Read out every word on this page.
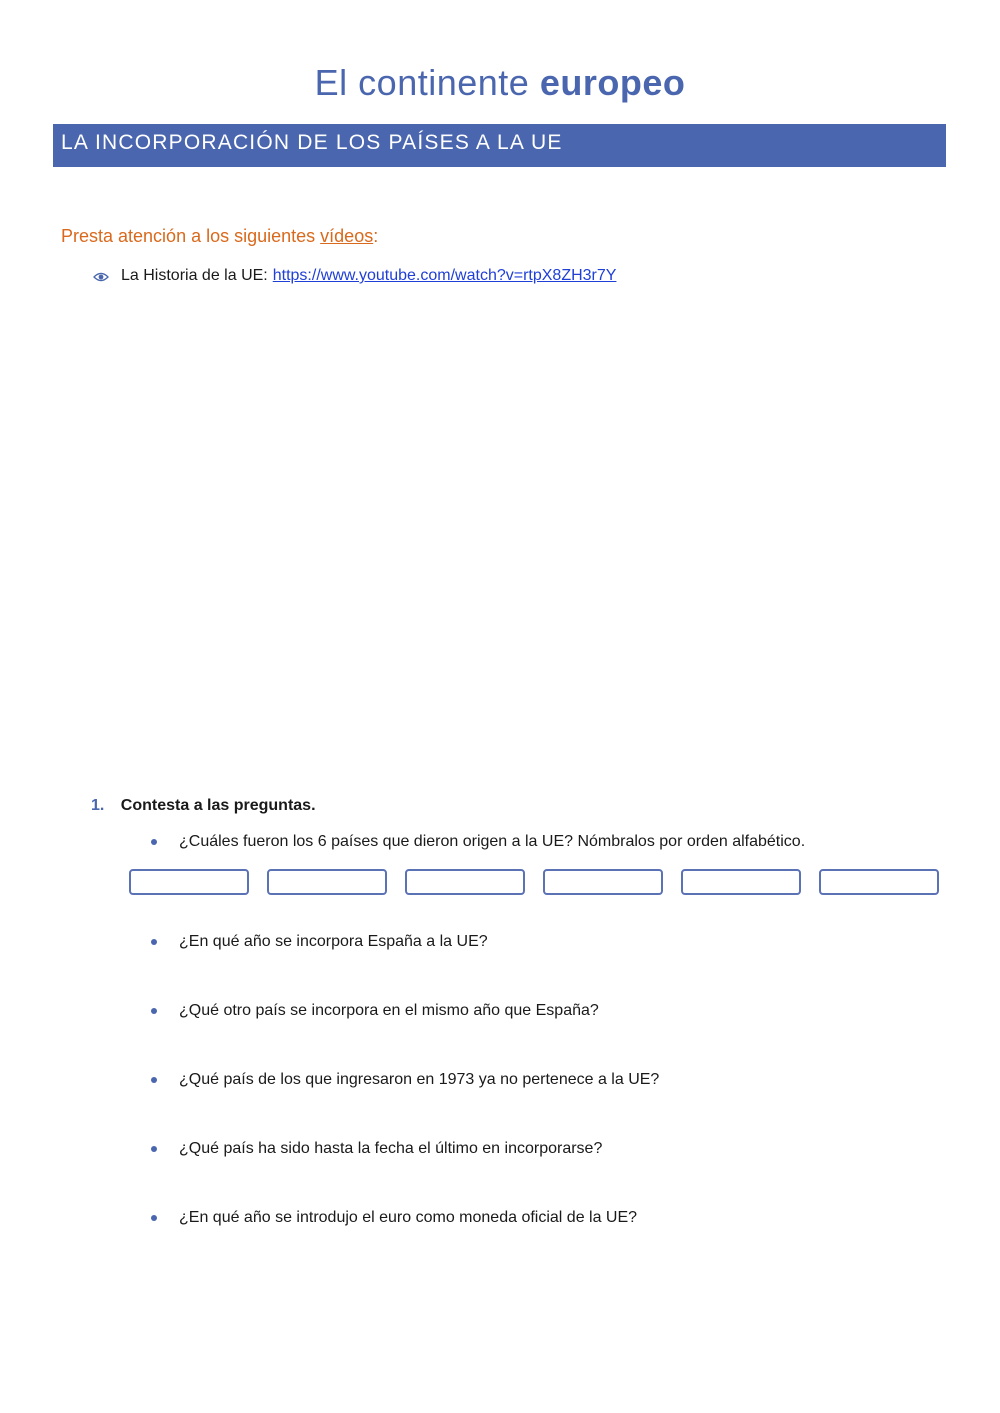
El continente europeo
LA INCORPORACIÓN DE LOS PAÍSES A LA UE
Presta atención a los siguientes vídeos:
La Historia de la UE: https://www.youtube.com/watch?v=rtpX8ZH3r7Y
1. Contesta a las preguntas.
¿Cuáles fueron los 6 países que dieron origen a la UE? Nómbralos por orden alfabético.
¿En qué año se incorpora España a la UE?
¿Qué otro país se incorpora en el mismo año que España?
¿Qué país de los que ingresaron en 1973 ya no pertenece a la UE?
¿Qué país ha sido hasta la fecha el último en incorporarse?
¿En qué año se introdujo el euro como moneda oficial de la UE?
